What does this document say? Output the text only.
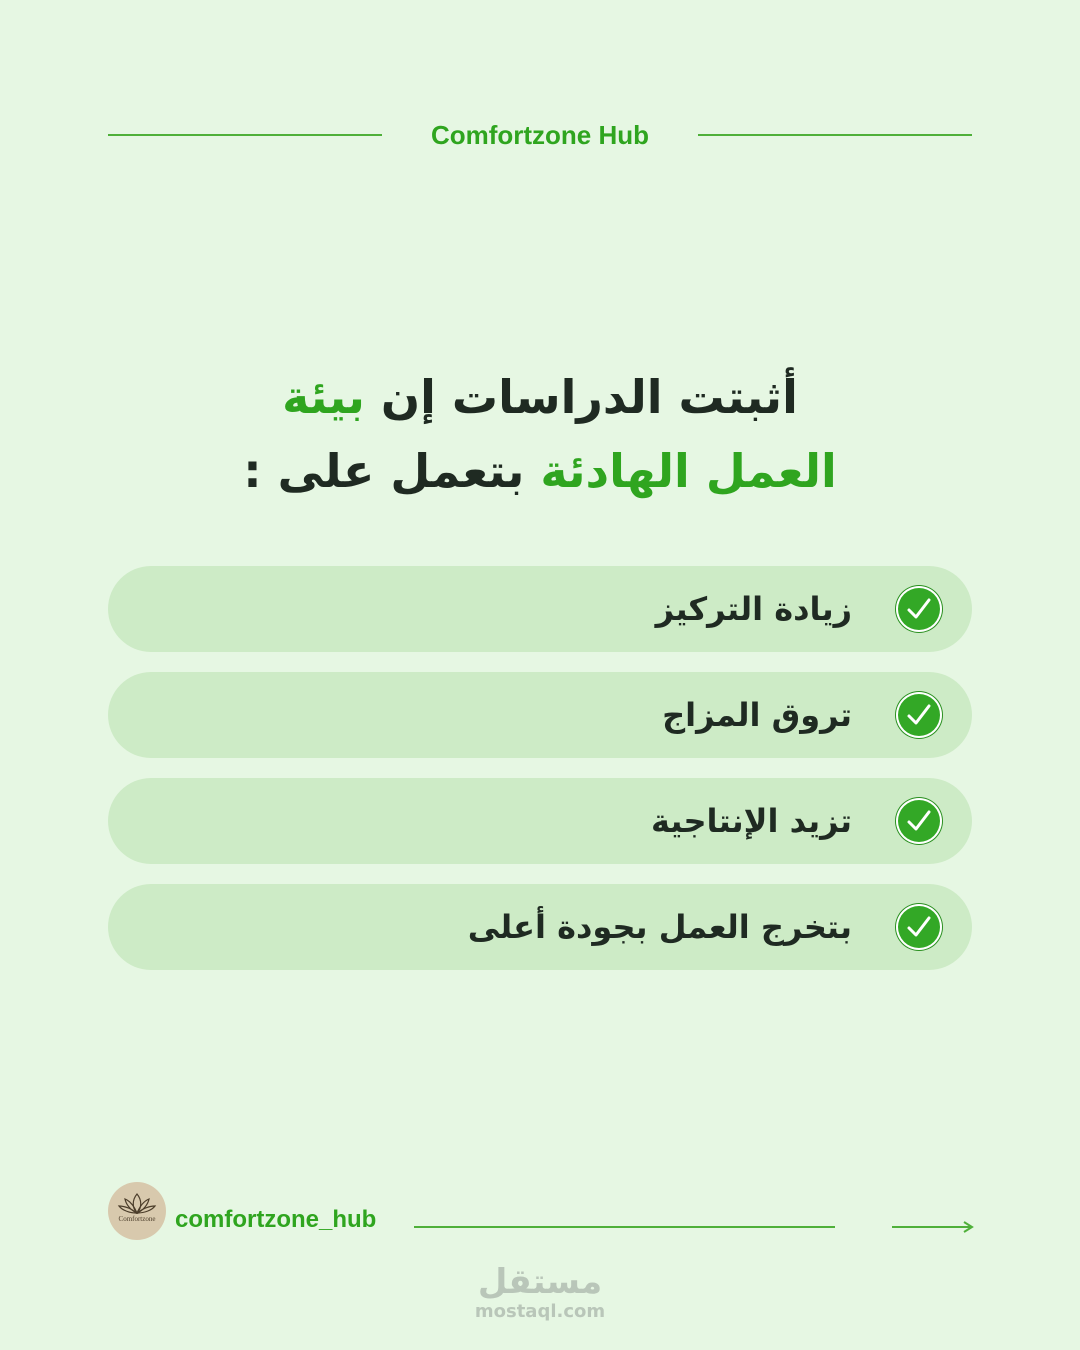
Comfortzone Hub
أثبتت الدراسات إن بيئة
العمل الهادئة بتعمل على :
زيادة التركيز
تروق المزاج
تزيد الإنتاجية
بتخرج العمل بجودة أعلى
Comfortzone comfortzone_hub
مستقل
mostaql.com
